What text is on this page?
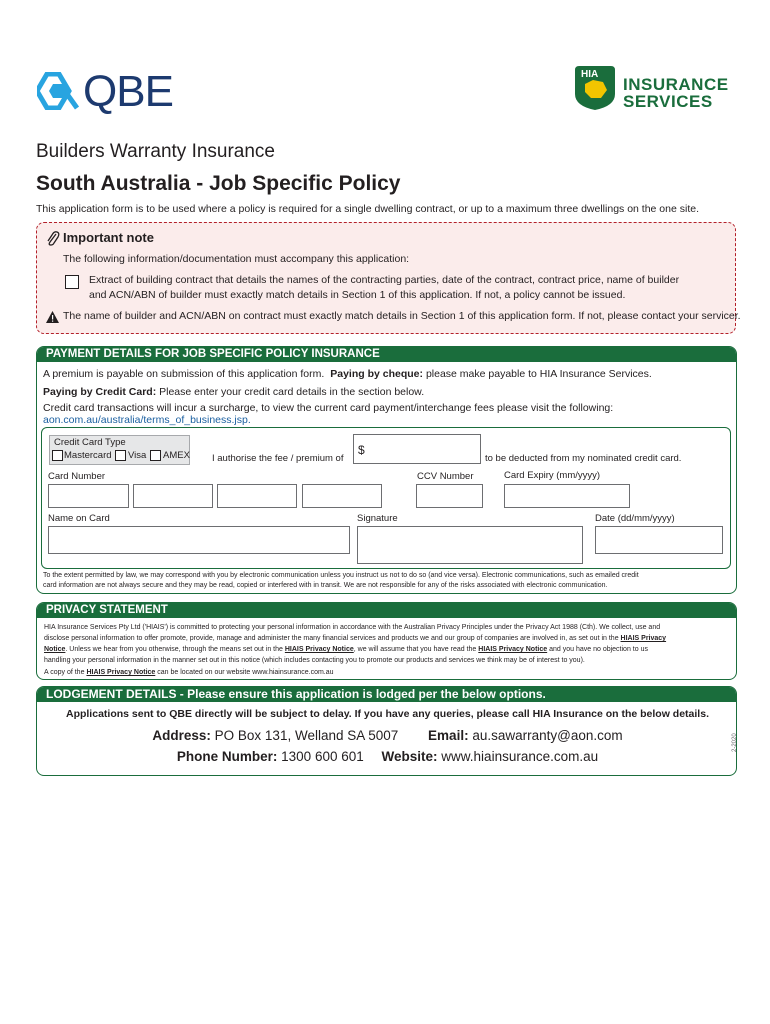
QBE	HIA
INSURANCE
SERVICES
Builders Warranty Insurance
South Australia - Job Specific Policy
This application form is to be used where a policy is required for a single dwelling contract, or up to a maximum three dwellings on the one site.
Important note
The following information/documentation must accompany this application:
Extract of building contract that details the names of the contracting parties, date of the contract, contract price, name of builder
and ACN/ABN of builder must exactly match details in Section 1 of this application. If not, a policy cannot be issued.
The name of builder and ACN/ABN on contract must exactly match details in Section 1 of this application form. If not, please contact your servicer.
PAYMENT DETAILS FOR JOB SPECIFIC POLICY INSURANCE
A premium is payable on submission of this application form. Paying by cheque: please make payable to HIA Insurance Services.
Paying by Credit Card: Please enter your credit card details in the section below.
Credit card transactions will incur a surcharge, to view the current card payment/interchange fees please visit the following:
aon.com.au/australia/terms_of_business.jsp.
Credit Card Type
Mastercard Visa AMEX I authorise the fee / premium of
$
to be deducted from my nominated credit card.
Card Number	CCV Number	Card Expiry (mm/yyyy)
Name on Card	Signature	Date (dd/mm/yyyy)
To the extent permitted by law, we may correspond with you by electronic communication unless you instruct us not to do so (and vice versa). Electronic communications, such as emailed credit
card information are not always secure and they may be read, copied or interfered with in transit. We are not responsible for any of the risks associated with electronic communication.
PRIVACY STATEMENT
HIA Insurance Services Pty Ltd ('HIAIS') is committed to protecting your personal information in accordance with the Australian Privacy Principles under the Privacy Act 1988 (Cth). We collect, use and
disclose personal information to offer promote, provide, manage and administer the many financial services and products we and our group of companies are involved in, as set out in the HIAIS Privacy
Notice. Unless we hear from you otherwise, through the means set out in the HIAIS Privacy Notice, we will assume that you have read the HIAIS Privacy Notice and you have no objection to us
handling your personal information in the manner set out in this notice (which includes contacting you to promote our products and services we think may be of interest to you).
A copy of the HIAIS Privacy Notice can be located on our website www.hiainsurance.com.au
LODGEMENT DETAILS - Please ensure this application is lodged per the below options.
Applications sent to QBE directly will be subject to delay. If you have any queries, please call HIA Insurance on the below details.
Address: PO Box 131, Welland SA 5007 Email: au.sawarranty@aon.com
Phone Number: 1300 600 601 Website: www.hiainsurance.com.au
2-2020
